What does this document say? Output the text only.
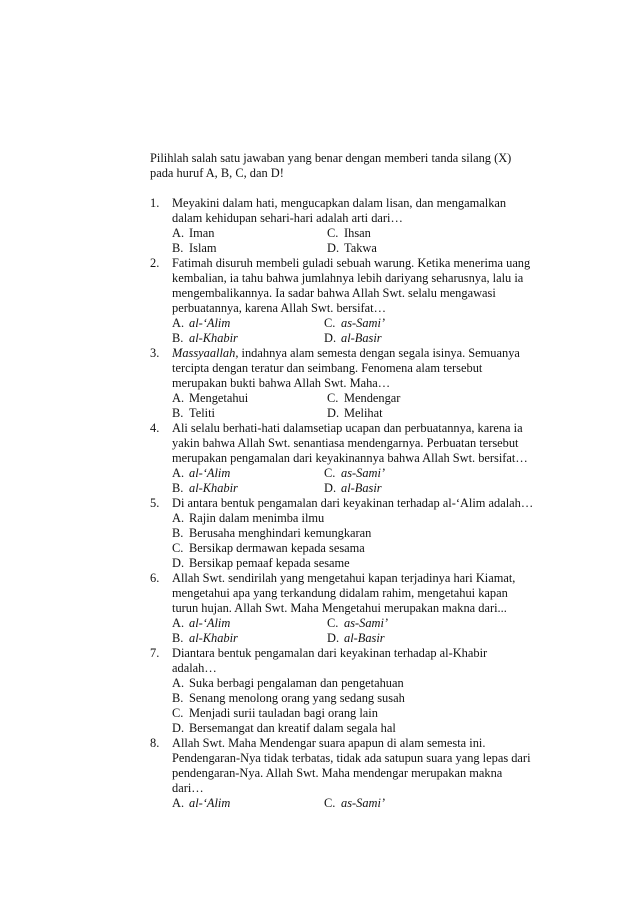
Pilihlah salah satu jawaban yang benar dengan memberi tanda silang (X)

pada huruf A, B, C, dan D!

1. Meyakini dalam hati, mengucapkan dalam lisan, dan mengamalkan
dalam kehidupan sehari-hari adalah arti dari…
A. Iman	C. Ihsan
B. Islam	D. Takwa
2. Fatimah disuruh membeli guladi sebuah warung. Ketika menerima uang
kembalian, ia tahu bahwa jumlahnya lebih dariyang seharusnya, lalu ia
mengembalikannya. Ia sadar bahwa Allah Swt. selalu mengawasi
perbuatannya, karena Allah Swt. bersifat…
A. al-‘Alim	C. as-Sami’
B. al-Khabir	D. al-Basir
3. Massyaallah, indahnya alam semesta dengan segala isinya. Semuanya
tercipta dengan teratur dan seimbang. Fenomena alam tersebut
merupakan bukti bahwa Allah Swt. Maha…
A. Mengetahui	C. Mendengar
B. Teliti	D. Melihat
4. Ali selalu berhati-hati dalamsetiap ucapan dan perbuatannya, karena ia
yakin bahwa Allah Swt. senantiasa mendengarnya. Perbuatan tersebut
merupakan pengamalan dari keyakinannya bahwa Allah Swt. bersifat…
A. al-‘Alim	C. as-Sami’
B. al-Khabir	D. al-Basir
5. Di antara bentuk pengamalan dari keyakinan terhadap al-‘Alim adalah…
A. Rajin dalam menimba ilmu
B. Berusaha menghindari kemungkaran
C. Bersikap dermawan kepada sesama
D. Bersikap pemaaf kepada sesame
6. Allah Swt. sendirilah yang mengetahui kapan terjadinya hari Kiamat,
mengetahui apa yang terkandung didalam rahim, mengetahui kapan
turun hujan. Allah Swt. Maha Mengetahui merupakan makna dari...
A. al-‘Alim	C. as-Sami’
B. al-Khabir	D. al-Basir
7. Diantara bentuk pengamalan dari keyakinan terhadap al-Khabir
adalah…
A. Suka berbagi pengalaman dan pengetahuan
B. Senang menolong orang yang sedang susah
C. Menjadi surii tauladan bagi orang lain
D. Bersemangat dan kreatif dalam segala hal
8. Allah Swt. Maha Mendengar suara apapun di alam semesta ini.
Pendengaran-Nya tidak terbatas, tidak ada satupun suara yang lepas dari
pendengaran-Nya. Allah Swt. Maha mendengar merupakan makna
dari…
A. al-‘Alim	C. as-Sami’
